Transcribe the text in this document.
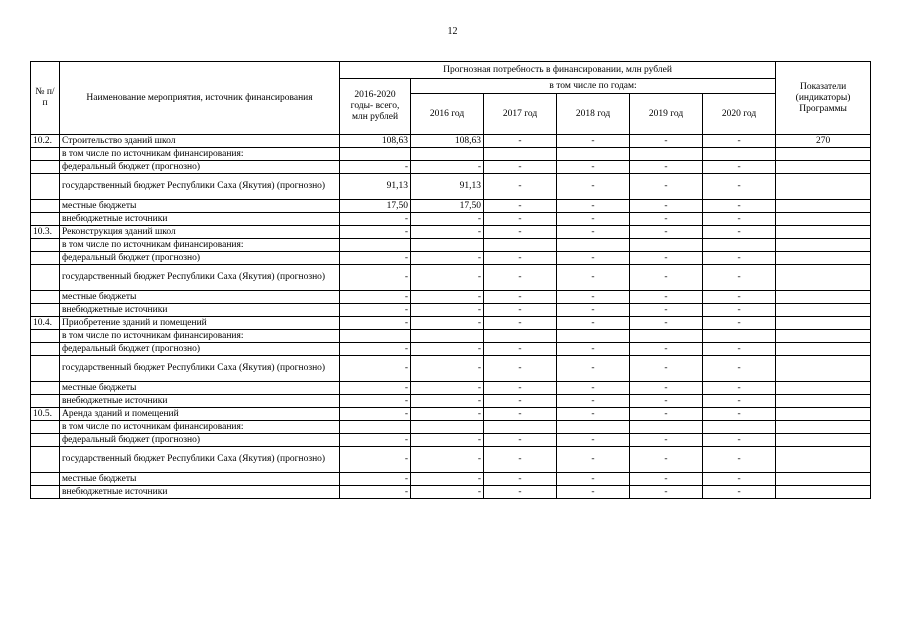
12
№ п/п	Наименование мероприятия, источник финансирования	Прогнозная потребность в финансировании, млн рублей						Показатели (индикаторы) Программы
		2016-2020 годы- всего, млн рублей	в том числе по годам:					
			2016 год	2017 год	2018 год	2019 год	2020 год	
10.2.	Строительство зданий школ	108,63	108,63	-	-	-	-	270
	в том числе по источникам финансирования:							
	федеральный бюджет (прогнозно)	-	-	-	-	-	-	
	государственный бюджет Республики Саха (Якутия) (прогнозно)	91,13	91,13	-	-	-	-	
	местные бюджеты	17,50	17,50	-	-	-	-	
	внебюджетные источники	-	-	-	-	-	-	
10.3.	Реконструкция зданий школ	-	-	-	-	-	-	
	в том числе по источникам финансирования:							
	федеральный бюджет (прогнозно)	-	-	-	-	-	-	
	государственный бюджет Республики Саха (Якутия) (прогнозно)	-	-	-	-	-	-	
	местные бюджеты	-	-	-	-	-	-	
	внебюджетные источники	-	-	-	-	-	-	
10.4.	Приобретение зданий и помещений	-	-	-	-	-	-	
	в том числе по источникам финансирования:							
	федеральный бюджет (прогнозно)	-	-	-	-	-	-	
	государственный бюджет Республики Саха (Якутия) (прогнозно)	-	-	-	-	-	-	
	местные бюджеты	-	-	-	-	-	-	
	внебюджетные источники	-	-	-	-	-	-	
10.5.	Аренда зданий и помещений	-	-	-	-	-	-	
	в том числе по источникам финансирования:							
	федеральный бюджет (прогнозно)	-	-	-	-	-	-	
	государственный бюджет Республики Саха (Якутия) (прогнозно)	-	-	-	-	-	-	
	местные бюджеты	-	-	-	-	-	-	
	внебюджетные источники	-	-	-	-	-	-	
